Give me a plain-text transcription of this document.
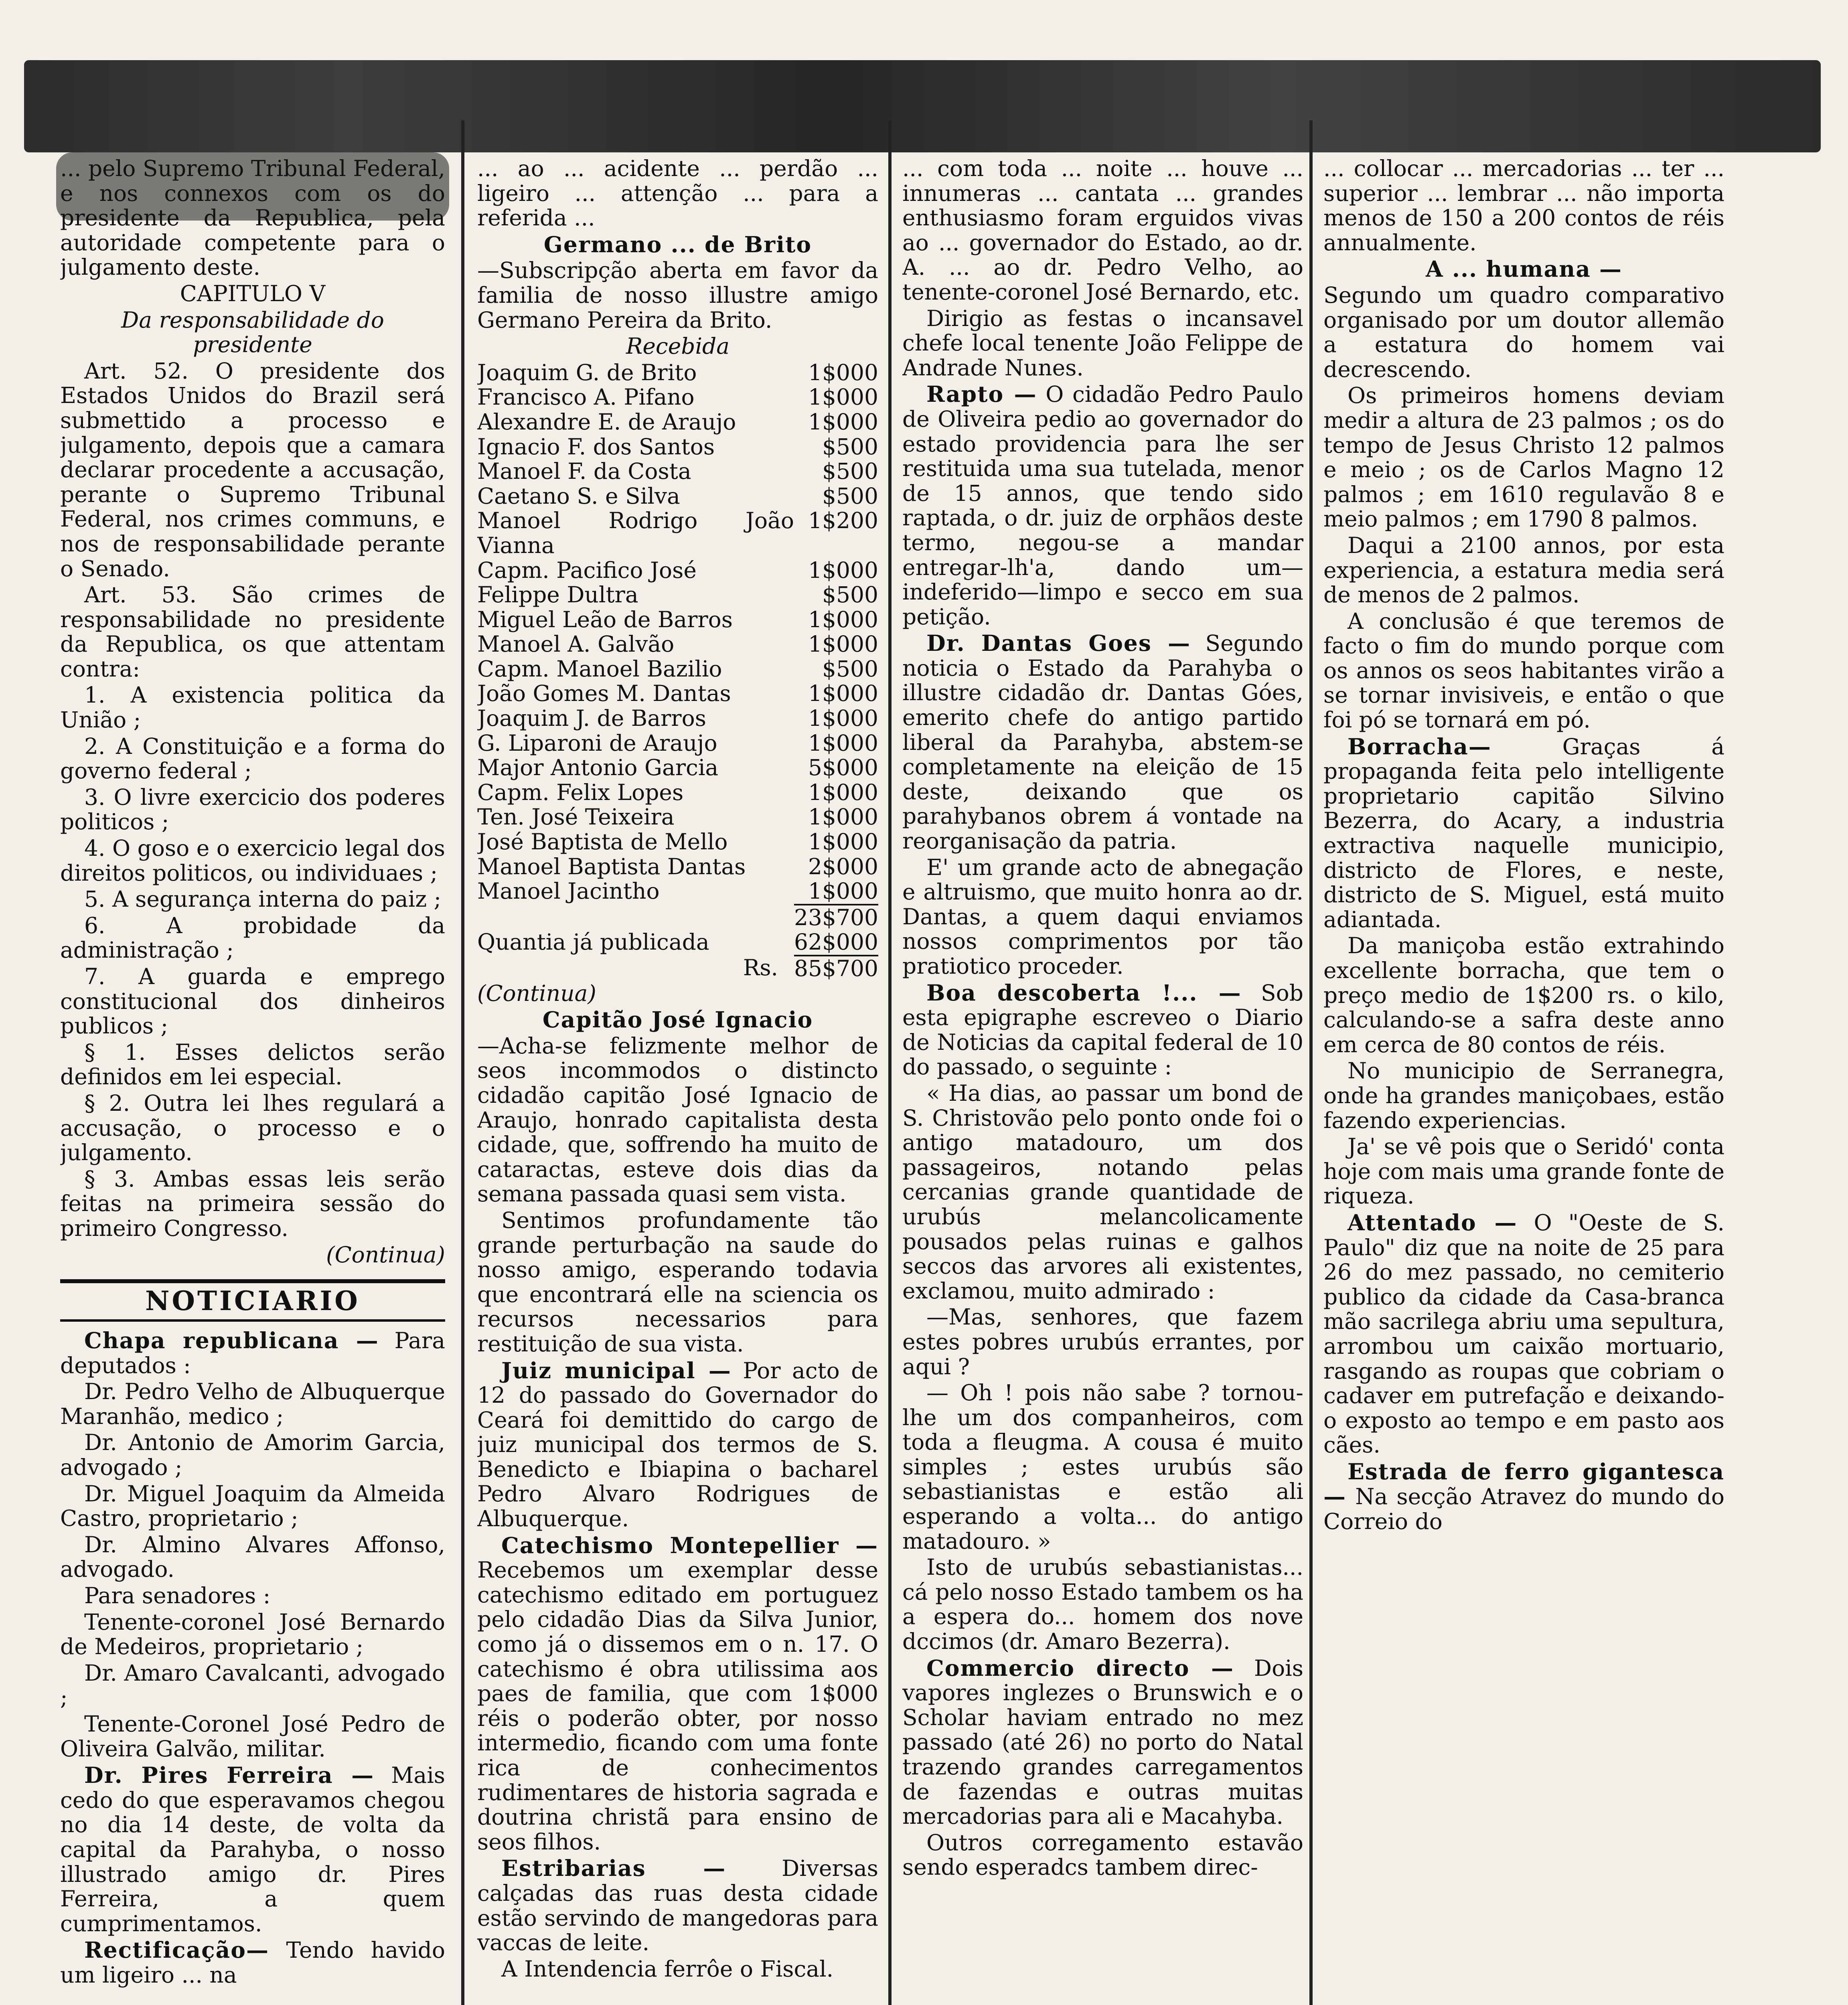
... pelo Supremo Tribunal Federal, e nos connexos com os do presidente da Republica, pela autoridade competente para o julgamento deste.

CAPITULO V

Da responsabilidade do presidente

Art. 52. O presidente dos Estados Unidos do Brazil será submettido a processo e julgamento, depois que a camara declarar procedente a accusação, perante o Supremo Tribunal Federal, nos crimes communs, e nos de responsabilidade perante o Senado.

Art. 53. São crimes de responsabilidade no presidente da Republica, os que attentam contra:

1. A existencia politica da União ;

2. A Constituição e a forma do governo federal ;

3. O livre exercicio dos poderes politicos ;

4. O goso e o exercicio legal dos direitos politicos, ou individuaes ;

5. A segurança interna do paiz ;

6. A probidade da administração ;

7. A guarda e emprego constitucional dos dinheiros publicos ;

§ 1. Esses delictos serão definidos em lei especial.

§ 2. Outra lei lhes regulará a accusação, o processo e o julgamento.

§ 3. Ambas essas leis serão feitas na primeira sessão do primeiro Congresso.

(Continua)

NOTICIARIO

Chapa republicana — Para deputados :

Dr. Pedro Velho de Albuquerque Maranhão, medico ;

Dr. Antonio de Amorim Garcia, advogado ;

Dr. Miguel Joaquim da Almeida Castro, proprietario ;

Dr. Almino Alvares Affonso, advogado.

Para senadores :

Tenente-coronel José Bernardo de Medeiros, proprietario ;

Dr. Amaro Cavalcanti, advogado ;

Tenente-Coronel José Pedro de Oliveira Galvão, militar.

Dr. Pires Ferreira — Mais cedo do que esperavamos chegou no dia 14 deste, de volta da capital da Parahyba, o nosso illustrado amigo dr. Pires Ferreira, a quem cumprimentamos.

Rectificação— Tendo havido um ligeiro ... na

... ao ... acidente ... perdão ... ligeiro ... attenção ... para a referida ...

Germano ... de Brito

—Subscripção aberta em favor da familia de nosso illustre amigo Germano Pereira da Brito.

Recebida

Joaquim G. de Brito	1$000
Francisco A. Pifano	1$000
Alexandre E. de Araujo	1$000
Ignacio F. dos Santos	$500
Manoel F. da Costa	$500
Caetano S. e Silva	$500
Manoel Rodrigo João Vianna	1$200
Capm. Pacifico José	1$000
Felippe Dultra	$500
Miguel Leão de Barros	1$000
Manoel A. Galvão	1$000
Capm. Manoel Bazilio	$500
João Gomes M. Dantas	1$000
Joaquim J. de Barros	1$000
G. Liparoni de Araujo	1$000
Major Antonio Garcia	5$000
Capm. Felix Lopes	1$000
Ten. José Teixeira	1$000
José Baptista de Mello	1$000
Manoel Baptista Dantas	2$000
Manoel Jacintho	1$000
	23$700
Quantia já publicada	62$000
Rs.	85$700

(Continua)

Capitão José Ignacio

—Acha-se felizmente melhor de seos incommodos o distincto cidadão capitão José Ignacio de Araujo, honrado capitalista desta cidade, que, soffrendo ha muito de cataractas, esteve dois dias da semana passada quasi sem vista.

Sentimos profundamente tão grande perturbação na saude do nosso amigo, esperando todavia que encontrará elle na sciencia os recursos necessarios para restituição de sua vista.

Juiz municipal — Por acto de 12 do passado do Governador do Ceará foi demittido do cargo de juiz municipal dos termos de S. Benedicto e Ibiapina o bacharel Pedro Alvaro Rodrigues de Albuquerque.

Catechismo Montepellier — Recebemos um exemplar desse catechismo editado em portuguez pelo cidadão Dias da Silva Junior, como já o dissemos em o n. 17. O catechismo é obra utilissima aos paes de familia, que com 1$000 réis o poderão obter, por nosso intermedio, ficando com uma fonte rica de conhecimentos rudimentares de historia sagrada e doutrina christã para ensino de seos filhos.

Estribarias —	Diversas calçadas das ruas desta cidade estão servindo de mangedoras para vaccas de leite.

A Intendencia ferrôe o Fiscal.

... com toda ... noite ... houve ... innumeras ... cantata ... grandes enthusiasmo foram erguidos vivas ao ... governador do Estado, ao dr. A. ... ao dr. Pedro Velho, ao tenente-coronel José Bernardo, etc.

Dirigio as festas o incansavel chefe local tenente João Felippe de Andrade Nunes.

Rapto — O cidadão Pedro Paulo de Oliveira pedio ao governador do estado providencia para lhe ser restituida uma sua tutelada, menor de 15 annos, que tendo sido raptada, o dr. juiz de orphãos deste termo, negou-se a mandar entregar-lh'a, dando um—indeferido—limpo e secco em sua petição.

Dr. Dantas Goes — Segundo noticia o Estado da Parahyba o illustre cidadão dr. Dantas Góes, emerito chefe do antigo partido liberal da Parahyba, abstem-se completamente na eleição de 15 deste, deixando que os parahybanos obrem á vontade na reorganisação da patria.

E' um grande acto de abnegação e altruismo, que muito honra ao dr. Dantas, a quem daqui enviamos nossos comprimentos por tão pratiotico proceder.

Boa descoberta !... — Sob esta epigraphe escreveo o Diario de Noticias da capital federal de 10 do passado, o seguinte :

« Ha dias, ao passar um bond de S. Christovão pelo ponto onde foi o antigo matadouro, um dos passageiros, notando pelas cercanias grande quantidade de urubús melancolicamente pousados pelas ruinas e galhos seccos das arvores ali existentes, exclamou, muito admirado :

—Mas, senhores, que fazem estes pobres urubús errantes, por aqui ?

— Oh ! pois não sabe ? tornou-lhe um dos companheiros, com toda a fleugma. A cousa é muito simples ; estes urubús são sebastianistas e estão ali esperando a volta... do antigo matadouro. »

Isto de urubús sebastianistas... cá pelo nosso Estado tambem os ha a espera do... homem dos nove dccimos (dr. Amaro Bezerra).

Commercio directo — Dois vapores inglezes o Brunswich e o Scholar haviam entrado no mez passado (até 26) no porto do Natal trazendo grandes carregamentos de fazendas e outras muitas mercadorias para ali e Macahyba.

Outros corregamento estavão sendo esperadcs tambem direc-

... collocar ... mercadorias ... ter ... superior ... lembrar ... não importa menos de 150 a 200 contos de réis annualmente.

A ... humana —

Segundo um quadro comparativo organisado por um doutor allemão a estatura do homem vai decrescendo.

Os primeiros homens deviam medir a altura de 23 palmos ; os do tempo de Jesus Christo 12 palmos e meio ; os de Carlos Magno 12 palmos ; em 1610 regulavão 8 e meio palmos ; em 1790 8 palmos.

Daqui a 2100 annos, por esta experiencia, a estatura media será de menos de 2 palmos.

A conclusão é que teremos de facto o fim do mundo porque com os annos os seos habitantes virão a se tornar invisiveis, e então o que foi pó se tornará em pó.

Borracha—	Graças á propaganda feita pelo intelligente proprietario capitão Silvino Bezerra, do Acary, a industria extractiva naquelle municipio, districto de Flores, e neste, districto de S. Miguel, está muito adiantada.

Da maniçoba estão extrahindo excellente borracha, que tem o preço medio de 1$200 rs. o kilo, calculando-se a safra deste anno em cerca de 80 contos de réis.

No municipio de Serranegra, onde ha grandes maniçobaes, estão fazendo experiencias.

Ja' se vê pois que o Seridó' conta hoje com mais uma grande fonte de riqueza.

Attentado — O "Oeste de S. Paulo" diz que na noite de 25 para 26 do mez passado, no cemiterio publico da cidade da Casa-branca mão sacrilega abriu uma sepultura, arrombou um caixão mortuario, rasgando as roupas que cobriam o cadaver em putrefação e deixando-o exposto ao tempo e em pasto aos cães.

Estrada de ferro gigantesca— Na secção Atravez do mundo do Correio do
